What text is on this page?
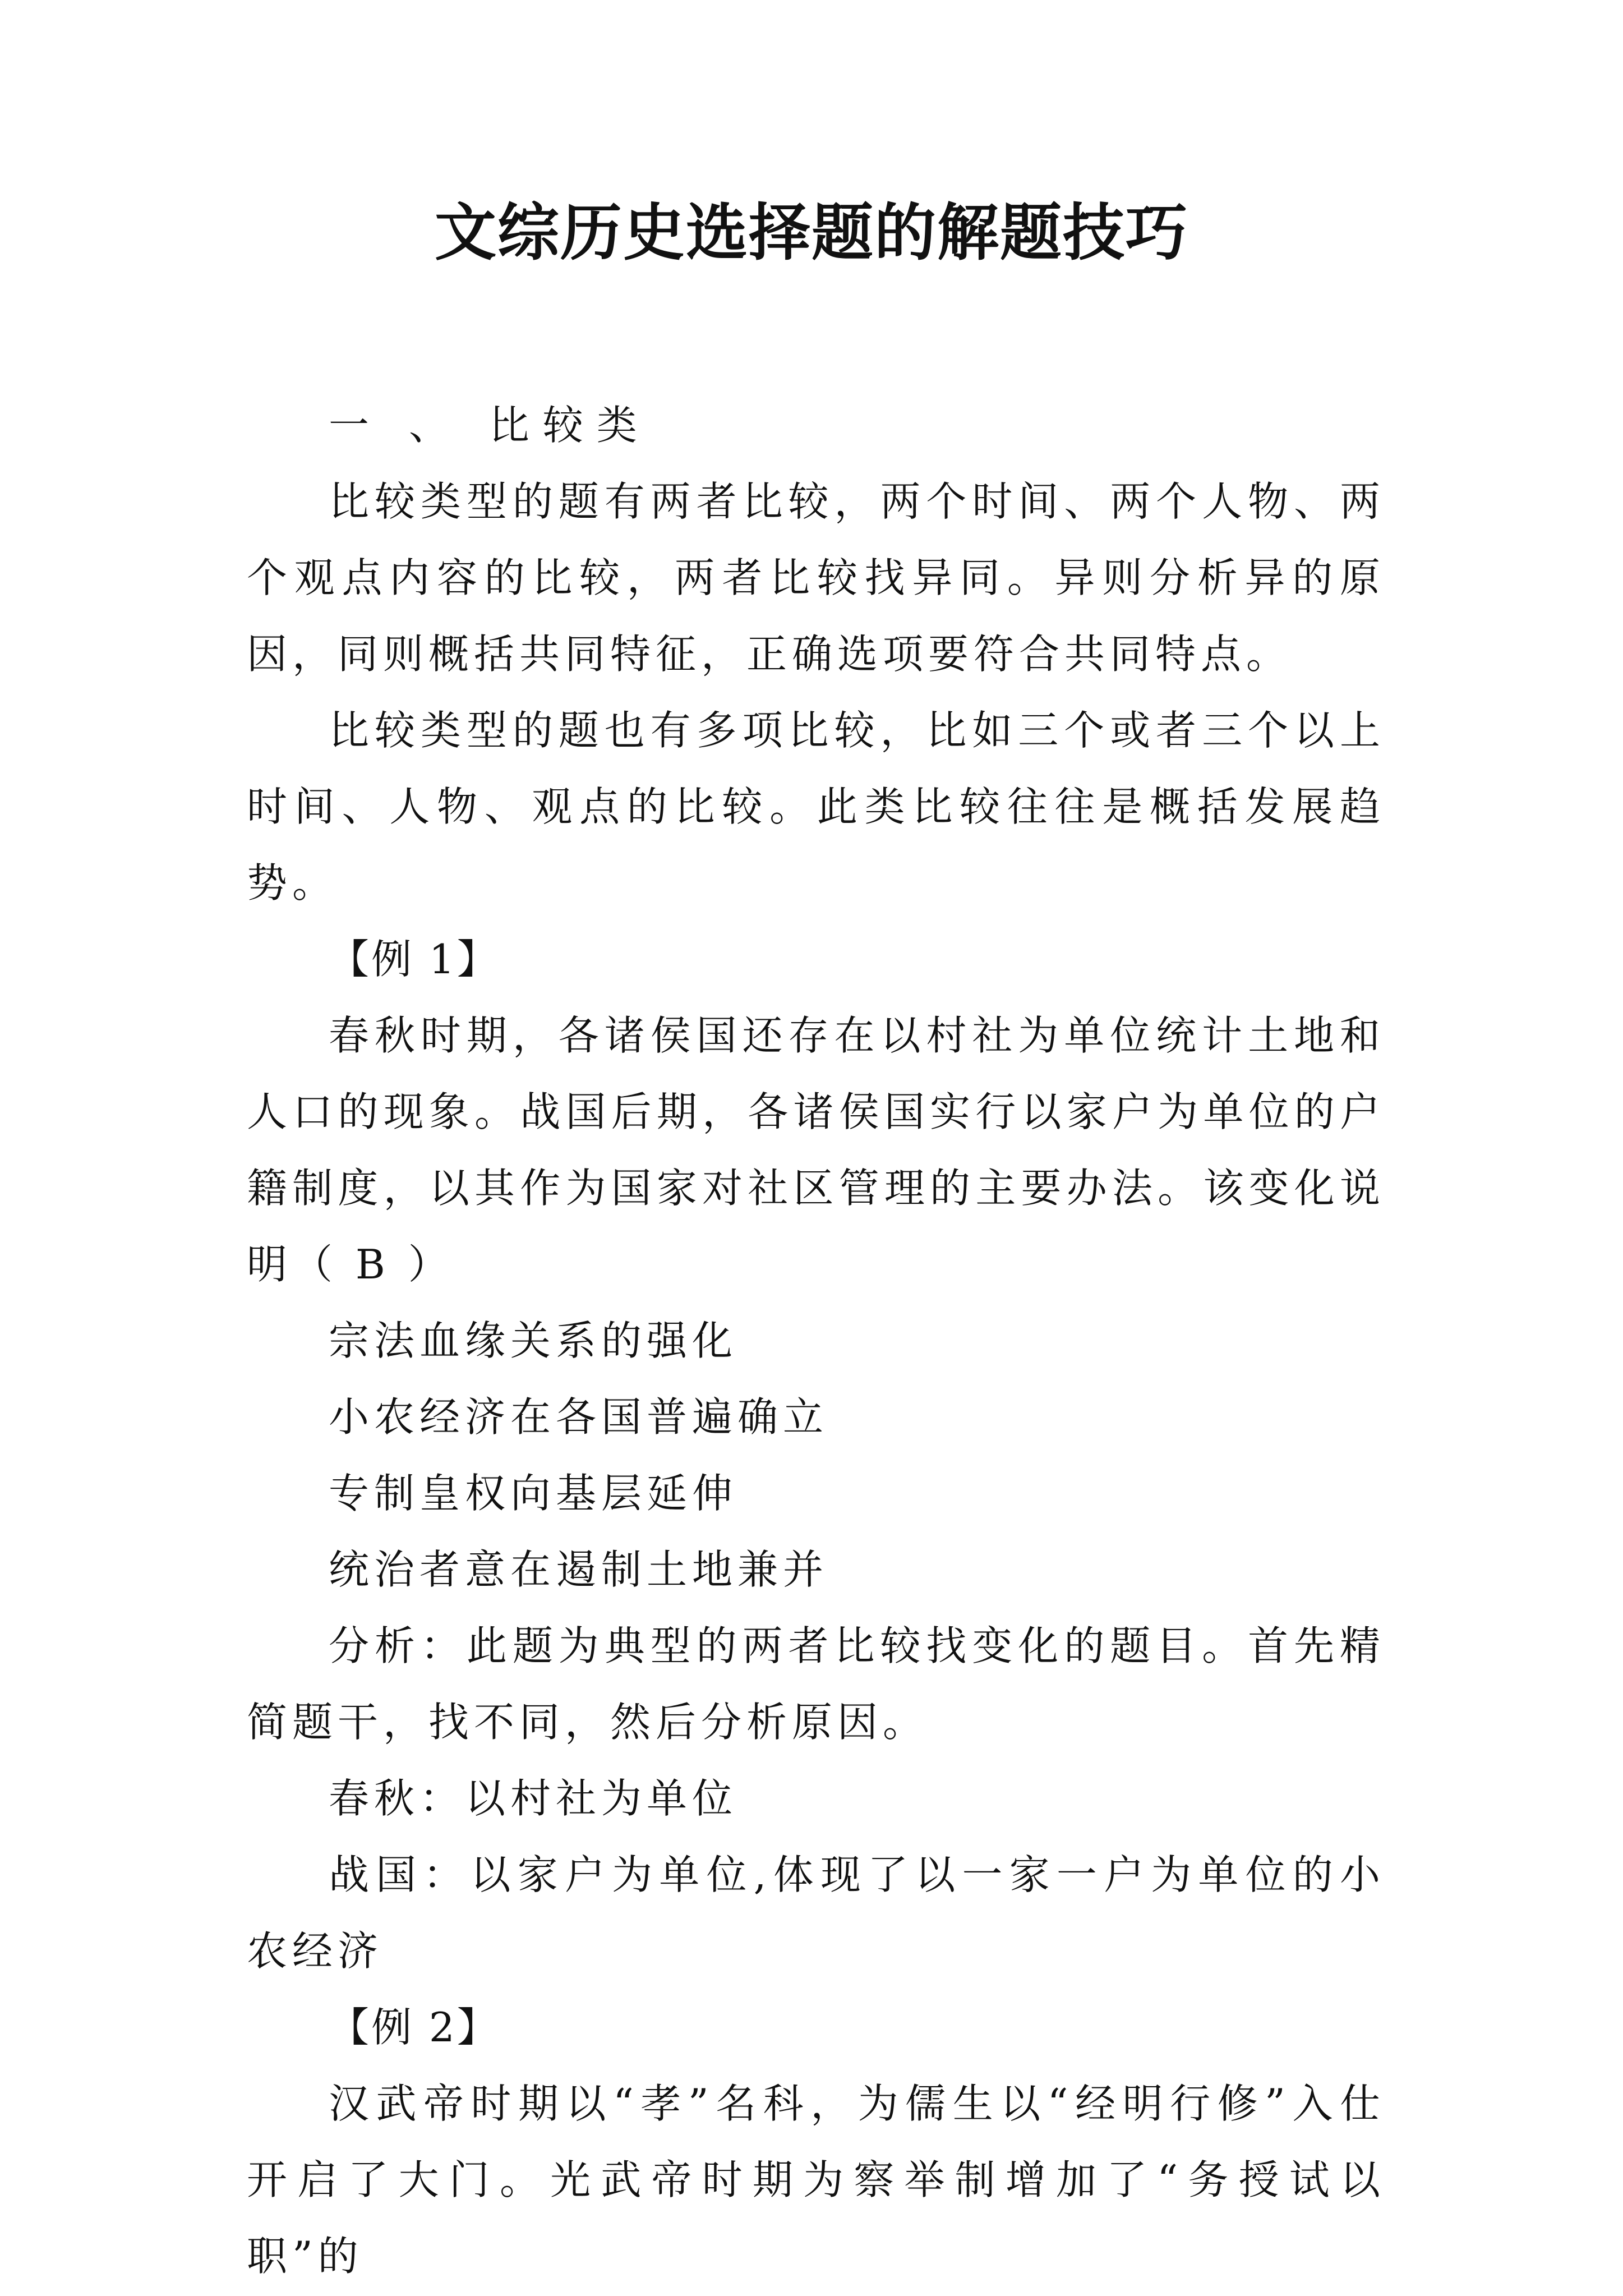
文综历史选择题的解题技巧

一 、 比较类

比较类型的题有两者比较，两个时间、两个人物、两个观点内容的比较，两者比较找异同。异则分析异的原因，同则概括共同特征，正确选项要符合共同特点。

比较类型的题也有多项比较，比如三个或者三个以上时间、人物、观点的比较。此类比较往往是概括发展趋势。

【例 1】

春秋时期，各诸侯国还存在以村社为单位统计土地和人口的现象。战国后期，各诸侯国实行以家户为单位的户籍制度，以其作为国家对社区管理的主要办法。该变化说明（ B ）

宗法血缘关系的强化

小农经济在各国普遍确立

专制皇权向基层延伸

统治者意在遏制土地兼并

分析：此题为典型的两者比较找变化的题目。首先精简题干，找不同，然后分析原因。

春秋：以村社为单位

战国：以家户为单位,体现了以一家一户为单位的小农经济

【例 2】

汉武帝时期以“孝”名科，为儒生以“经明行修”入仕开启了大门。光武帝时期为察举制增加了“务授试以职”的
